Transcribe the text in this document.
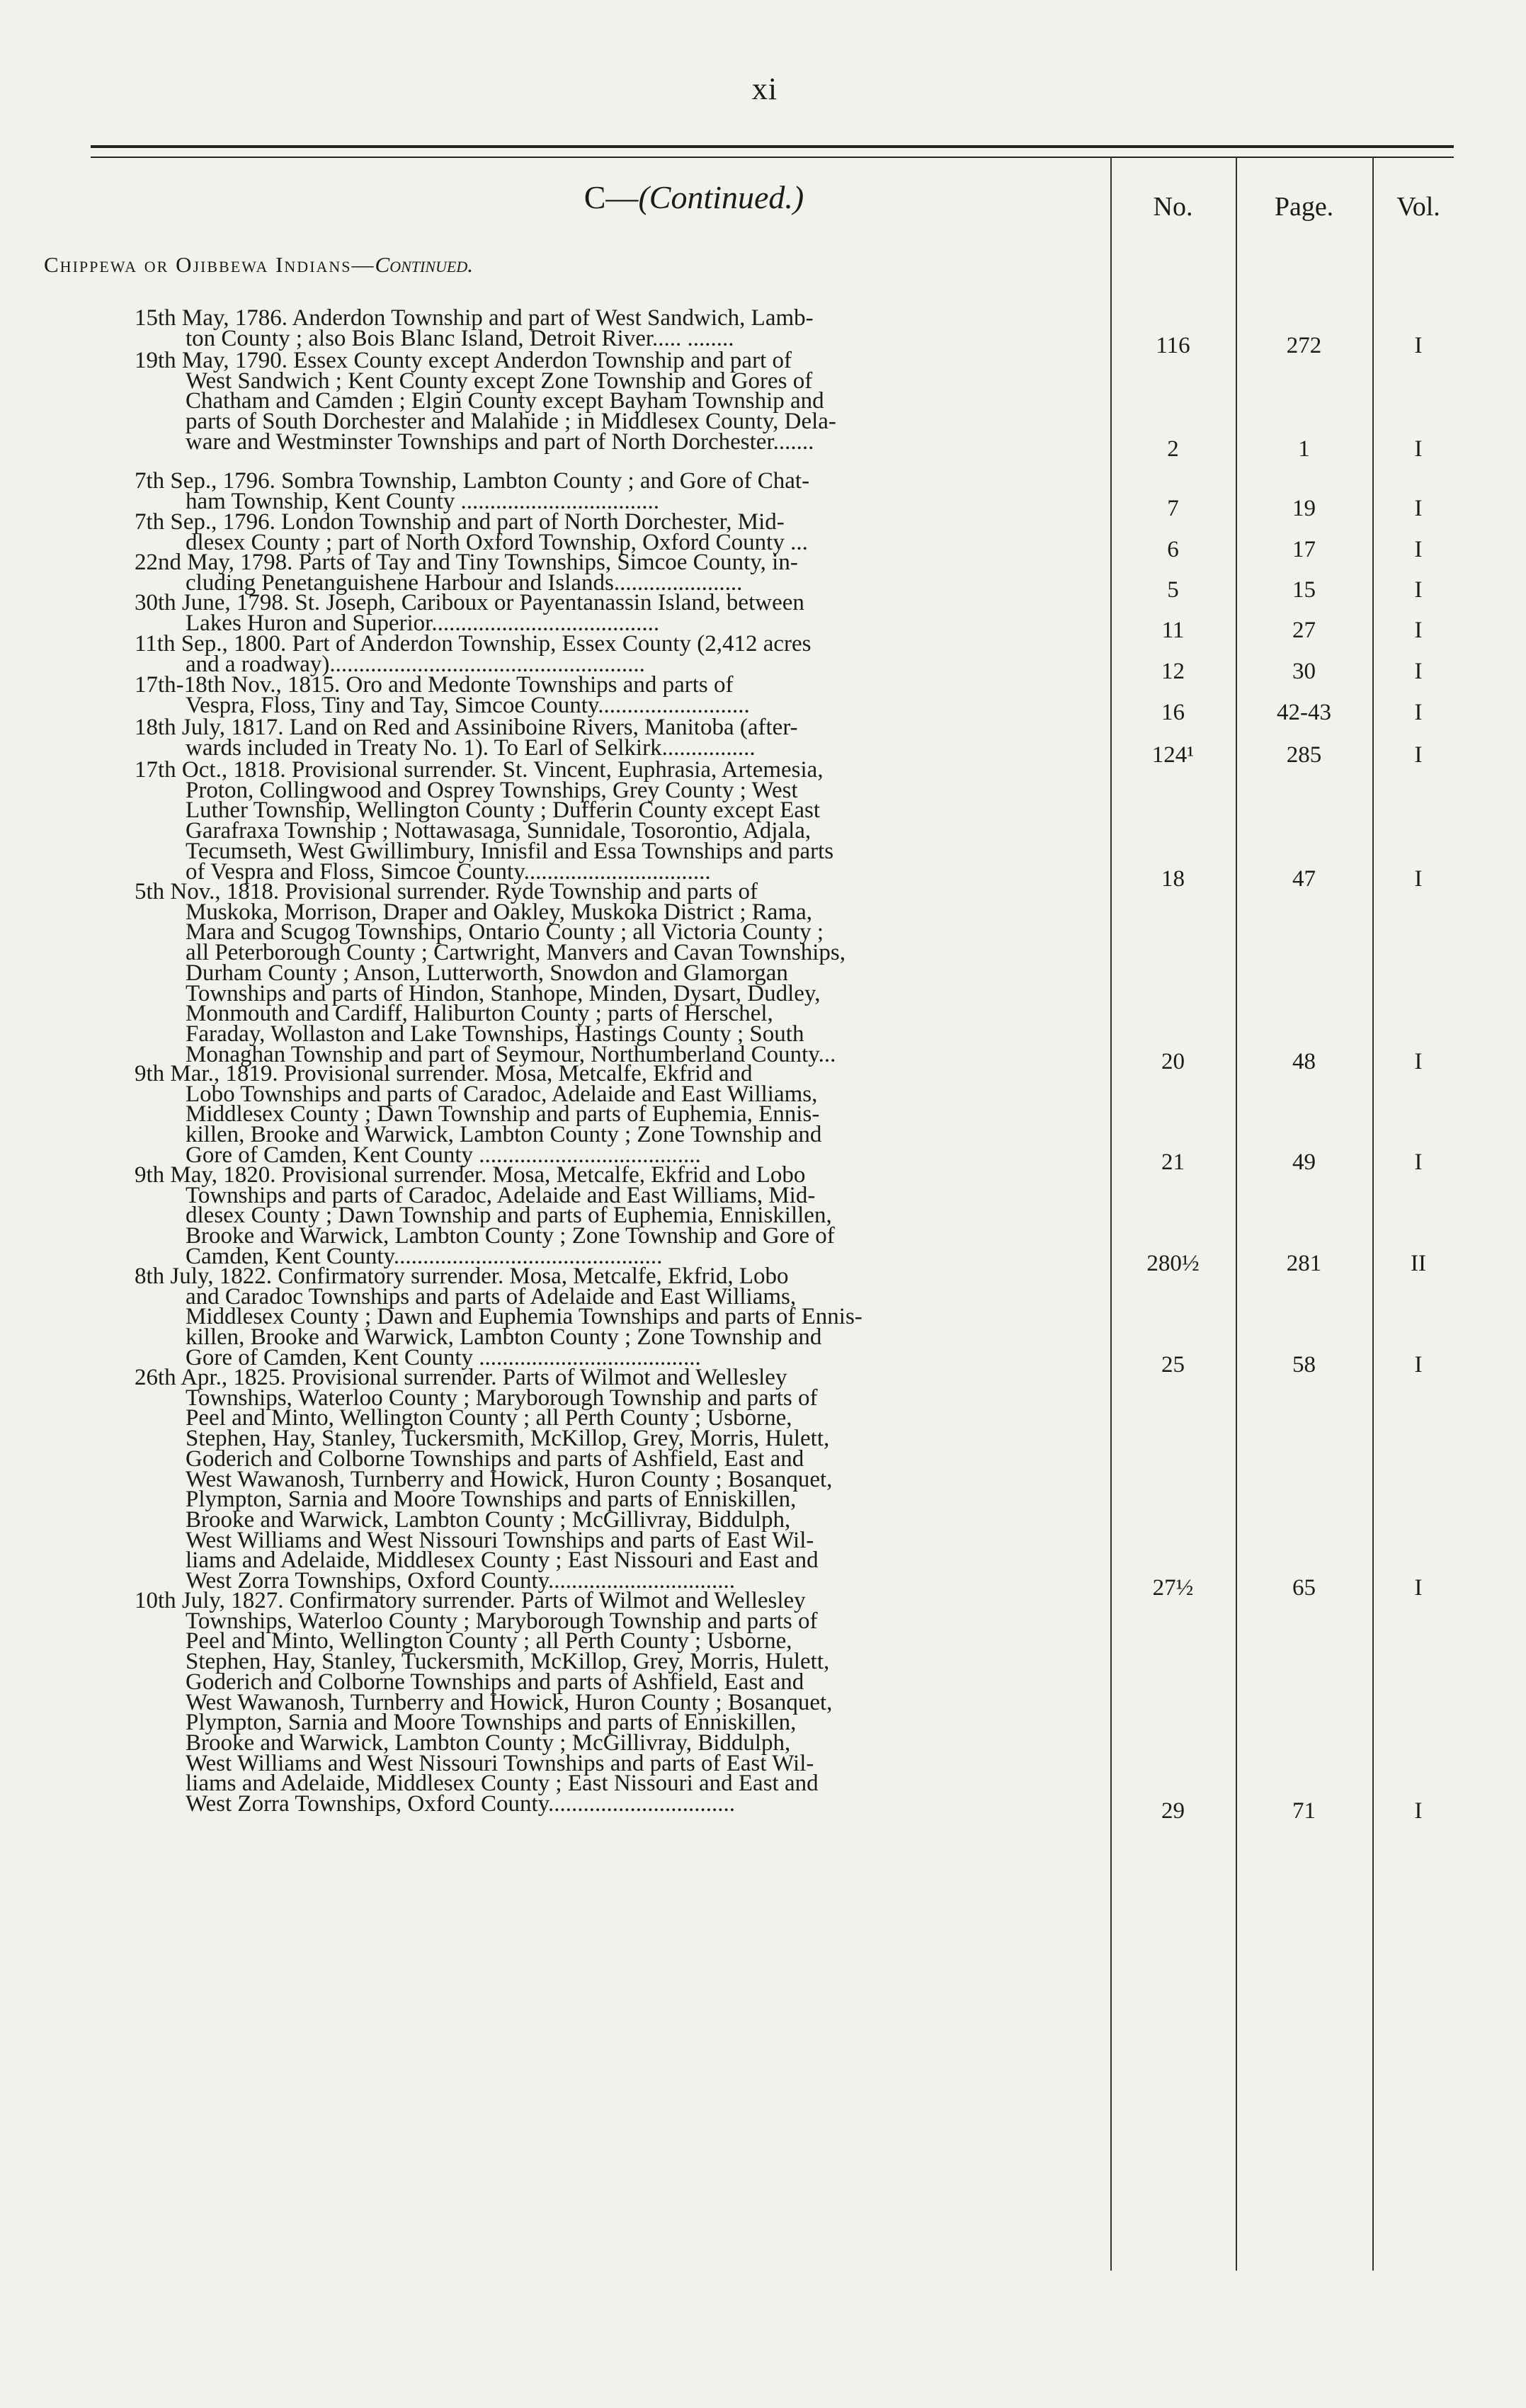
xi
C—(Continued.)	No.	Page.	Vol.
Chippewa or Ojibbewa Indians—Continued.
15th May, 1786. Anderdon Township and part of West Sandwich, Lamb-
ton County ; also Bois Blanc Island, Detroit River..... ........	116	272	I
19th May, 1790. Essex County except Anderdon Township and part of
West Sandwich ; Kent County except Zone Township and Gores of
Chatham and Camden ; Elgin County except Bayham Township and
parts of South Dorchester and Malahide ; in Middlesex County, Dela-
ware and Westminster Townships and part of North Dorchester.......	2	1	I
7th Sep., 1796. Sombra Township, Lambton County ; and Gore of Chat-
ham Township, Kent County ..................................	7	19	I
7th Sep., 1796. London Township and part of North Dorchester, Mid-
dlesex County ; part of North Oxford Township, Oxford County ...	6	17	I
22nd May, 1798. Parts of Tay and Tiny Townships, Simcoe County, in-
cluding Penetanguishene Harbour and Islands......................	5	15	I
30th June, 1798. St. Joseph, Cariboux or Payentanassin Island, between
Lakes Huron and Superior.......................................	11	27	I
11th Sep., 1800. Part of Anderdon Township, Essex County (2,412 acres
and a roadway)......................................................	12	30	I
17th-18th Nov., 1815. Oro and Medonte Townships and parts of
Vespra, Floss, Tiny and Tay, Simcoe County..........................	16	42-43	I
18th July, 1817. Land on Red and Assiniboine Rivers, Manitoba (after-
wards included in Treaty No. 1). To Earl of Selkirk................	124¹	285	I
17th Oct., 1818. Provisional surrender. St. Vincent, Euphrasia, Artemesia,
Proton, Collingwood and Osprey Townships, Grey County ; West
Luther Township, Wellington County ; Dufferin County except East
Garafraxa Township ; Nottawasaga, Sunnidale, Tosorontio, Adjala,
Tecumseth, West Gwillimbury, Innisfil and Essa Townships and parts
of Vespra and Floss, Simcoe County................................	18	47	I
5th Nov., 1818. Provisional surrender. Ryde Township and parts of
Muskoka, Morrison, Draper and Oakley, Muskoka District ; Rama,
Mara and Scugog Townships, Ontario County ; all Victoria County ;
all Peterborough County ; Cartwright, Manvers and Cavan Townships,
Durham County ; Anson, Lutterworth, Snowdon and Glamorgan
Townships and parts of Hindon, Stanhope, Minden, Dysart, Dudley,
Monmouth and Cardiff, Haliburton County ; parts of Herschel,
Faraday, Wollaston and Lake Townships, Hastings County ; South
Monaghan Township and part of Seymour, Northumberland County...	20	48	I
9th Mar., 1819. Provisional surrender. Mosa, Metcalfe, Ekfrid and
Lobo Townships and parts of Caradoc, Adelaide and East Williams,
Middlesex County ; Dawn Township and parts of Euphemia, Ennis-
killen, Brooke and Warwick, Lambton County ; Zone Township and
Gore of Camden, Kent County ......................................	21	49	I
9th May, 1820. Provisional surrender. Mosa, Metcalfe, Ekfrid and Lobo
Townships and parts of Caradoc, Adelaide and East Williams, Mid-
dlesex County ; Dawn Township and parts of Euphemia, Enniskillen,
Brooke and Warwick, Lambton County ; Zone Township and Gore of
Camden, Kent County..............................................	280½	281	II
8th July, 1822. Confirmatory surrender. Mosa, Metcalfe, Ekfrid, Lobo
and Caradoc Townships and parts of Adelaide and East Williams,
Middlesex County ; Dawn and Euphemia Townships and parts of Ennis-
killen, Brooke and Warwick, Lambton County ; Zone Township and
Gore of Camden, Kent County ......................................	25	58	I
26th Apr., 1825. Provisional surrender. Parts of Wilmot and Wellesley
Townships, Waterloo County ; Maryborough Township and parts of
Peel and Minto, Wellington County ; all Perth County ; Usborne,
Stephen, Hay, Stanley, Tuckersmith, McKillop, Grey, Morris, Hulett,
Goderich and Colborne Townships and parts of Ashfield, East and
West Wawanosh, Turnberry and Howick, Huron County ; Bosanquet,
Plympton, Sarnia and Moore Townships and parts of Enniskillen,
Brooke and Warwick, Lambton County ; McGillivray, Biddulph,
West Williams and West Nissouri Townships and parts of East Wil-
liams and Adelaide, Middlesex County ; East Nissouri and East and
West Zorra Townships, Oxford County................................	27½	65	I
10th July, 1827. Confirmatory surrender. Parts of Wilmot and Wellesley
Townships, Waterloo County ; Maryborough Township and parts of
Peel and Minto, Wellington County ; all Perth County ; Usborne,
Stephen, Hay, Stanley, Tuckersmith, McKillop, Grey, Morris, Hulett,
Goderich and Colborne Townships and parts of Ashfield, East and
West Wawanosh, Turnberry and Howick, Huron County ; Bosanquet,
Plympton, Sarnia and Moore Townships and parts of Enniskillen,
Brooke and Warwick, Lambton County ; McGillivray, Biddulph,
West Williams and West Nissouri Townships and parts of East Wil-
liams and Adelaide, Middlesex County ; East Nissouri and East and
West Zorra Townships, Oxford County................................	29	71	I
